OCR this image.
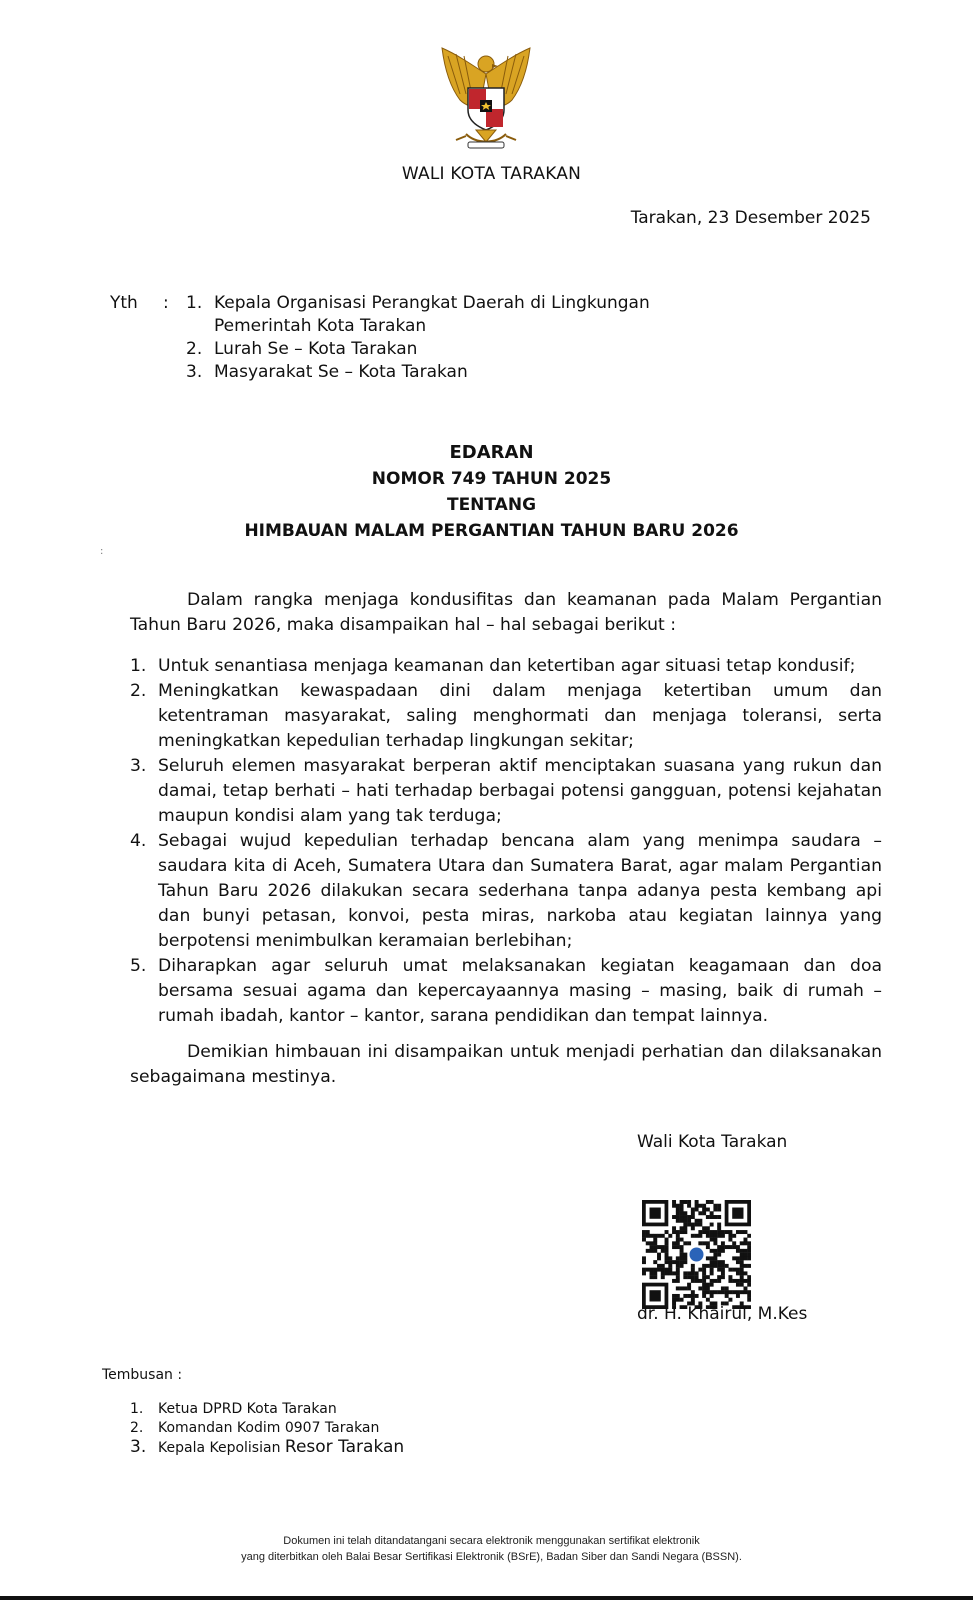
WALI KOTA TARAKAN
Tarakan, 23 Desember 2025
Yth : 1. Kepala Organisasi Perangkat Daerah di Lingkungan Pemerintah Kota Tarakan
2. Lurah Se – Kota Tarakan
3. Masyarakat Se – Kota Tarakan
EDARAN
NOMOR 749 TAHUN 2025
TENTANG
HIMBAUAN MALAM PERGANTIAN TAHUN BARU 2026
:
Dalam rangka menjaga kondusifitas dan keamanan pada Malam Pergantian Tahun Baru 2026, maka disampaikan hal – hal sebagai berikut :
1. Untuk senantiasa menjaga keamanan dan ketertiban agar situasi tetap kondusif;
2. Meningkatkan kewaspadaan dini dalam menjaga ketertiban umum dan ketentraman masyarakat, saling menghormati dan menjaga toleransi, serta meningkatkan kepedulian terhadap lingkungan sekitar;
3. Seluruh elemen masyarakat berperan aktif menciptakan suasana yang rukun dan damai, tetap berhati – hati terhadap berbagai potensi gangguan, potensi kejahatan maupun kondisi alam yang tak terduga;
4. Sebagai wujud kepedulian terhadap bencana alam yang menimpa saudara – saudara kita di Aceh, Sumatera Utara dan Sumatera Barat, agar malam Pergantian Tahun Baru 2026 dilakukan secara sederhana tanpa adanya pesta kembang api dan bunyi petasan, konvoi, pesta miras, narkoba atau kegiatan lainnya yang berpotensi menimbulkan keramaian berlebihan;
5. Diharapkan agar seluruh umat melaksanakan kegiatan keagamaan dan doa bersama sesuai agama dan kepercayaannya masing – masing, baik di rumah – rumah ibadah, kantor – kantor, sarana pendidikan dan tempat lainnya.
Demikian himbauan ini disampaikan untuk menjadi perhatian dan dilaksanakan sebagaimana mestinya.
Wali Kota Tarakan
dr. H. Khairul, M.Kes
Tembusan :
1. Ketua DPRD Kota Tarakan
2. Komandan Kodim 0907 Tarakan
3. Kepala Kepolisian Resor Tarakan
Dokumen ini telah ditandatangani secara elektronik menggunakan sertifikat elektronik
yang diterbitkan oleh Balai Besar Sertifikasi Elektronik (BSrE), Badan Siber dan Sandi Negara (BSSN).
